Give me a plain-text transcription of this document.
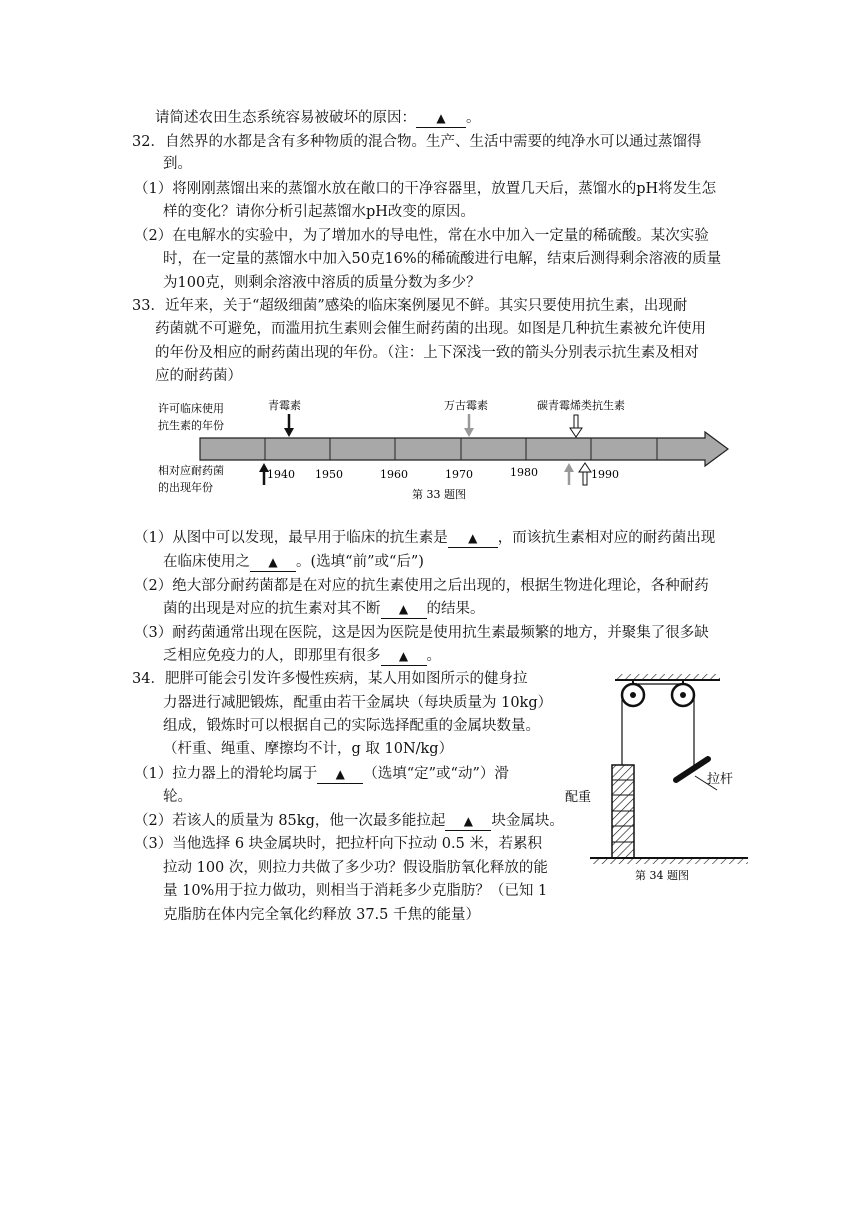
请简述农田生态系统容易被破坏的原因： ▲ 。
32．自然界的水都是含有多种物质的混合物。生产、生活中需要的纯净水可以通过蒸馏得
到。
（1）将刚刚蒸馏出来的蒸馏水放在敞口的干净容器里，放置几天后，蒸馏水的pH将发生怎
样的变化？请你分析引起蒸馏水pH改变的原因。
（2）在电解水的实验中，为了增加水的导电性，常在水中加入一定量的稀硫酸。某次实验
时，在一定量的蒸馏水中加入50克16%的稀硫酸进行电解，结束后测得剩余溶液的质量
为100克，则剩余溶液中溶质的质量分数为多少？
33．近年来，关于“超级细菌”感染的临床案例屡见不鲜。其实只要使用抗生素，出现耐
药菌就不可避免，而滥用抗生素则会催生耐药菌的出现。如图是几种抗生素被允许使用
的年份及相应的耐药菌出现的年份。（注：上下深浅一致的箭头分别表示抗生素及相对
应的耐药菌）
许可临床使用
抗生素的年份
青霉素	万古霉素	碳青霉烯类抗生素
1940 1950	1960	1970	1980	1990
相对应耐药菌
的出现年份
第 33 题图
（1）从图中可以发现，最早用于临床的抗生素是 ▲ ，而该抗生素相对应的耐药菌出现
在临床使用之 ▲ 。(选填“前”或“后”)
（2）绝大部分耐药菌都是在对应的抗生素使用之后出现的，根据生物进化理论，各种耐药
菌的出现是对应的抗生素对其不断 ▲ 的结果。
（3）耐药菌通常出现在医院，这是因为医院是使用抗生素最频繁的地方，并聚集了很多缺
乏相应免疫力的人，即那里有很多 ▲ 。
34．肥胖可能会引发许多慢性疾病，某人用如图所示的健身拉
力器进行减肥锻炼，配重由若干金属块（每块质量为 10kg）
组成，锻炼时可以根据自己的实际选择配重的金属块数量。
（杆重、绳重、摩擦均不计，g 取 10N/kg）
（1）拉力器上的滑轮均属于 ▲ （选填“定”或“动”）滑
轮。
（2）若该人的质量为 85kg，他一次最多能拉起 ▲ 块金属块。
（3）当他选择 6 块金属块时，把拉杆向下拉动 0.5 米，若累积
拉动 100 次，则拉力共做了多少功？假设脂肪氧化释放的能
量 10%用于拉力做功，则相当于消耗多少克脂肪？（已知 1
克脂肪在体内完全氧化约释放 37.5 千焦的能量）
拉杆
配重
第 34 题图
